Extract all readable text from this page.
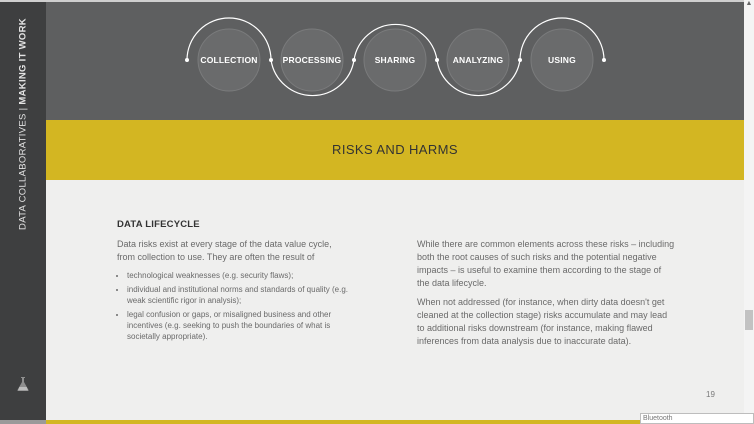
DATA COLLABORATIVES|MAKING IT WORK	COLLECTION	PROCESSING	SHARING	ANALYZING	USING
RISKS AND HARMS
DATA LIFECYCLE

Data risks exist at every stage of the data value cycle, from collection to use. They are often the result of

• technological weaknesses (e.g. security flaws);
• individual and institutional norms and standards of quality (e.g. weak scientific rigor in analysis);
• legal confusion or gaps, or misaligned business and other incentives (e.g. seeking to push the boundaries of what is societally appropriate).

While there are common elements across these risks – including both the root causes of such risks and the potential negative impacts – is useful to examine them according to the stage of the data lifecycle.

When not addressed (for instance, when dirty data doesn't get cleaned at the collection stage) risks accumulate and may lead to additional risks downstream (for instance, making flawed inferences from data analysis due to inaccurate data).

19
▲
Bluetooth
